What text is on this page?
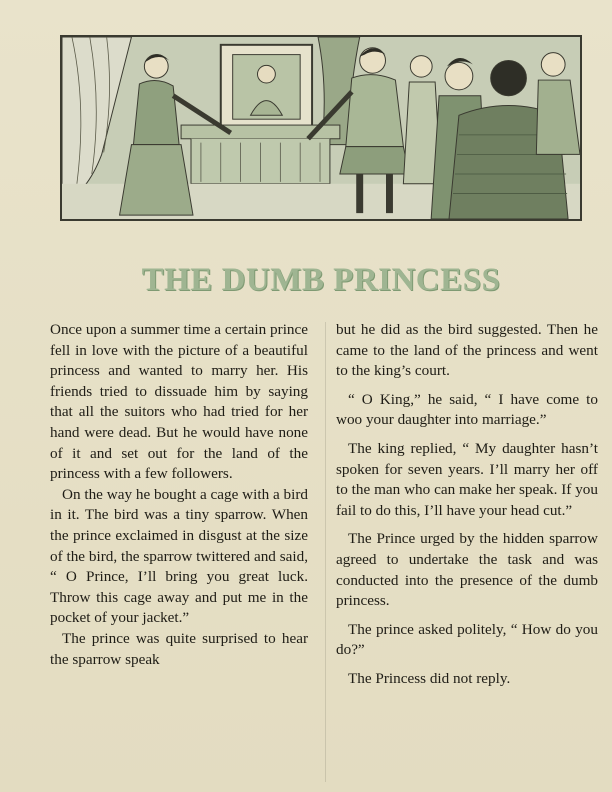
THE DUMB PRINCESS

Once upon a summer time a certain prince fell in love with the picture of a beautiful princess and wanted to marry her. His friends tried to dissuade him by saying that all the suitors who had tried for her hand were dead. But he would have none of it and set out for the land of the princess with a few followers.

On the way he bought a cage with a bird in it. The bird was a tiny sparrow. When the prince exclaimed in disgust at the size of the bird, the sparrow twittered and said, “ O Prince, I’ll bring you great luck. Throw this cage away and put me in the pocket of your jacket.”

The prince was quite surprised to hear the sparrow speak

but he did as the bird suggested. Then he came to the land of the princess and went to the king’s court.

“ O King,” he said, “ I have come to woo your daughter into marriage.”

The king replied, “ My daughter hasn’t spoken for seven years. I’ll marry her off to the man who can make her speak. If you fail to do this, I’ll have your head cut.”

The Prince urged by the hidden sparrow agreed to undertake the task and was conducted into the presence of the dumb princess.

The prince asked politely, “ How do you do?”

The Princess did not reply.
